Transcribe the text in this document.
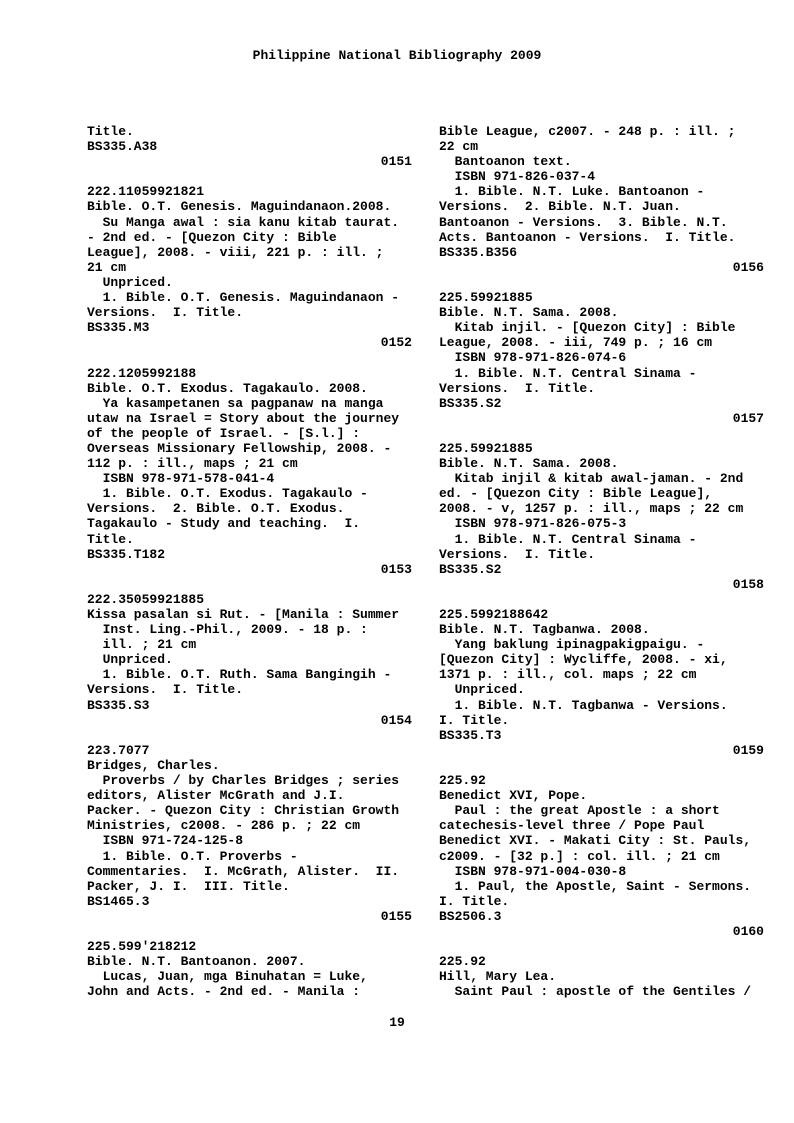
Philippine National Bibliography 2009
Title.
BS335.A38
0151
222.11059921821
Bible. O.T. Genesis. Maguindanaon.2008.
Su Manga awal : sia kanu kitab taurat.
- 2nd ed. - [Quezon City : Bible
League], 2008. - viii, 221 p. : ill. ;
21 cm
Unpriced.
1. Bible. O.T. Genesis. Maguindanaon -
Versions.  I. Title.
BS335.M3
0152
222.1205992188
Bible. O.T. Exodus. Tagakaulo. 2008.
Ya kasampetanen sa pagpanaw na manga
utaw na Israel = Story about the journey
of the people of Israel. - [S.l.] :
Overseas Missionary Fellowship, 2008. -
112 p. : ill., maps ; 21 cm
ISBN 978-971-578-041-4
1. Bible. O.T. Exodus. Tagakaulo -
Versions.  2. Bible. O.T. Exodus.
Tagakaulo - Study and teaching.  I.
Title.
BS335.T182
0153
222.35059921885
Kissa pasalan si Rut. - [Manila : Summer
Inst. Ling.-Phil., 2009. - 18 p. :
ill. ; 21 cm
Unpriced.
1. Bible. O.T. Ruth. Sama Bangingih -
Versions.  I. Title.
BS335.S3
0154
223.7077
Bridges, Charles.
Proverbs / by Charles Bridges ; series
editors, Alister McGrath and J.I.
Packer. - Quezon City : Christian Growth
Ministries, c2008. - 286 p. ; 22 cm
ISBN 971-724-125-8
1. Bible. O.T. Proverbs -
Commentaries.  I. McGrath, Alister.  II.
Packer, J. I.  III. Title.
BS1465.3
0155
225.599'218212
Bible. N.T. Bantoanon. 2007.
Lucas, Juan, mga Binuhatan = Luke,
John and Acts. - 2nd ed. - Manila :
Bible League, c2007. - 248 p. : ill. ;
22 cm
Bantoanon text.
ISBN 971-826-037-4
1. Bible. N.T. Luke. Bantoanon -
Versions.  2. Bible. N.T. Juan.
Bantoanon - Versions.  3. Bible. N.T.
Acts. Bantoanon - Versions.  I. Title.
BS335.B356
0156
225.59921885
Bible. N.T. Sama. 2008.
Kitab injil. - [Quezon City] : Bible
League, 2008. - iii, 749 p. ; 16 cm
ISBN 978-971-826-074-6
1. Bible. N.T. Central Sinama -
Versions.  I. Title.
BS335.S2
0157
225.59921885
Bible. N.T. Sama. 2008.
Kitab injil & kitab awal-jaman. - 2nd
ed. - [Quezon City : Bible League],
2008. - v, 1257 p. : ill., maps ; 22 cm
ISBN 978-971-826-075-3
1. Bible. N.T. Central Sinama -
Versions.  I. Title.
BS335.S2
0158
225.5992188642
Bible. N.T. Tagbanwa. 2008.
Yang baklung ipinagpakigpaigu. -
[Quezon City] : Wycliffe, 2008. - xi,
1371 p. : ill., col. maps ; 22 cm
Unpriced.
1. Bible. N.T. Tagbanwa - Versions.
I. Title.
BS335.T3
0159
225.92
Benedict XVI, Pope.
Paul : the great Apostle : a short
catechesis-level three / Pope Paul
Benedict XVI. - Makati City : St. Pauls,
c2009. - [32 p.] : col. ill. ; 21 cm
ISBN 978-971-004-030-8
1. Paul, the Apostle, Saint - Sermons.
I. Title.
BS2506.3
0160
225.92
Hill, Mary Lea.
Saint Paul : apostle of the Gentiles /
19
